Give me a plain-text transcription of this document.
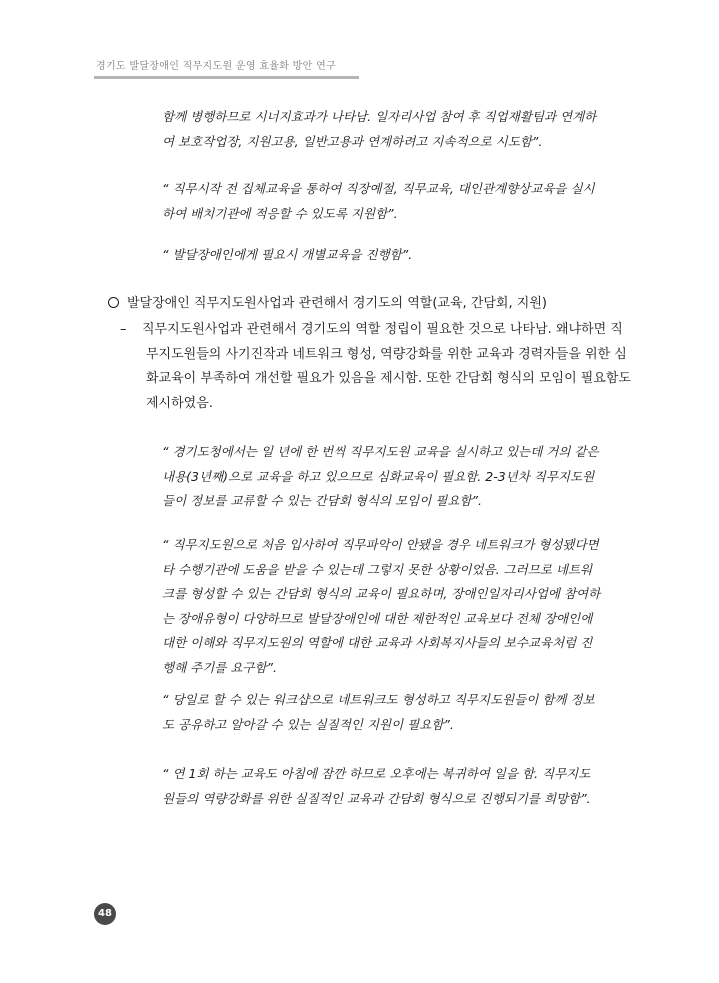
경기도 발달장애인 직무지도원 운영 효율화 방안 연구

함께 병행하므로 시너지효과가 나타남. 일자리사업 참여 후 직업재활팀과 연계하여 보호작업장, 지원고용, 일반고용과 연계하려고 지속적으로 시도함”.

“ 직무시작 전 집체교육을 통하여 직장예절, 직무교육, 대인관계향상교육을 실시하여 배치기관에 적응할 수 있도록 지원함”.

“ 발달장애인에게 필요시 개별교육을 진행함”.

발달장애인 직무지도원사업과 관련해서 경기도의 역할(교육, 간담회, 지원)

–	직무지도원사업과 관련해서 경기도의 역할 정립이 필요한 것으로 나타남. 왜냐하면 직무지도원들의 사기진작과 네트워크 형성, 역량강화를 위한 교육과 경력자들을 위한 심화교육이 부족하여 개선할 필요가 있음을 제시함. 또한 간담회 형식의 모임이 필요함도 제시하였음.

“ 경기도청에서는 일 년에 한 번씩 직무지도원 교육을 실시하고 있는데 거의 같은 내용(3년째)으로 교육을 하고 있으므로 심화교육이 필요함. 2-3년차 직무지도원들이 정보를 교류할 수 있는 간담회 형식의 모임이 필요함”.

“ 직무지도원으로 처음 입사하여 직무파악이 안됐을 경우 네트워크가 형성됐다면 타 수행기관에 도움을 받을 수 있는데 그렇지 못한 상황이었음. 그러므로 네트워크를 형성할 수 있는 간담회 형식의 교육이 필요하며, 장애인일자리사업에 참여하는 장애유형이 다양하므로 발달장애인에 대한 제한적인 교육보다 전체 장애인에 대한 이해와 직무지도원의 역할에 대한 교육과 사회복지사들의 보수교육처럼 진행해 주기를 요구함”.

“ 당일로 할 수 있는 워크샵으로 네트워크도 형성하고 직무지도원들이 함께 정보도 공유하고 알아갈 수 있는 실질적인 지원이 필요함”.

“ 연 1회 하는 교육도 아침에 잠깐 하므로 오후에는 복귀하여 일을 함. 직무지도원들의 역량강화를 위한 실질적인 교육과 간담회 형식으로 진행되기를 희망함”.

48
